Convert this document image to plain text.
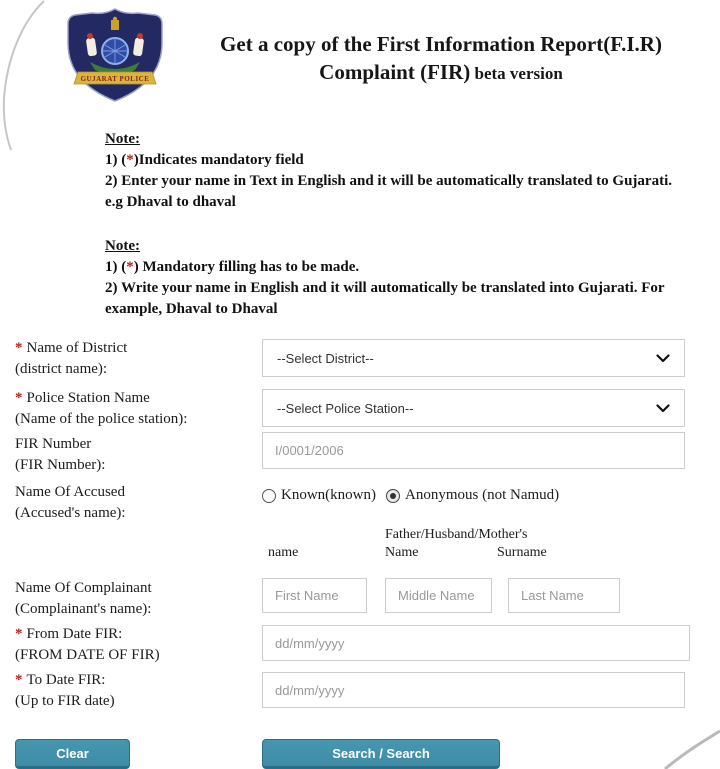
GUJARAT POLICE
Get a copy of the First Information Report(F.I.R)
Complaint (FIR) beta version
Note:
1) (*)Indicates mandatory field
2) Enter your name in Text in English and it will be automatically translated to Gujarati.
e.g Dhaval to dhaval
Note:
1) (*) Mandatory filling has to be made.
2) Write your name in English and it will automatically be translated into Gujarati. For
example, Dhaval to Dhaval
* Name of District
(district name):
--Select District--
* Police Station Name
(Name of the police station):
--Select Police Station--
FIR Number
(FIR Number):
I/0001/2006
Name Of Accused
(Accused's name):
Known(known) Anonymous (not Namud)
name
Father/Husband/Mother's
Name	Surname
Name Of Complainant
(Complainant's name):
First Name
Middle Name
Last Name
* From Date FIR:
(FROM DATE OF FIR)
dd/mm/yyyy
* To Date FIR:
(Up to FIR date)
dd/mm/yyyy
Clear	Search / Search
